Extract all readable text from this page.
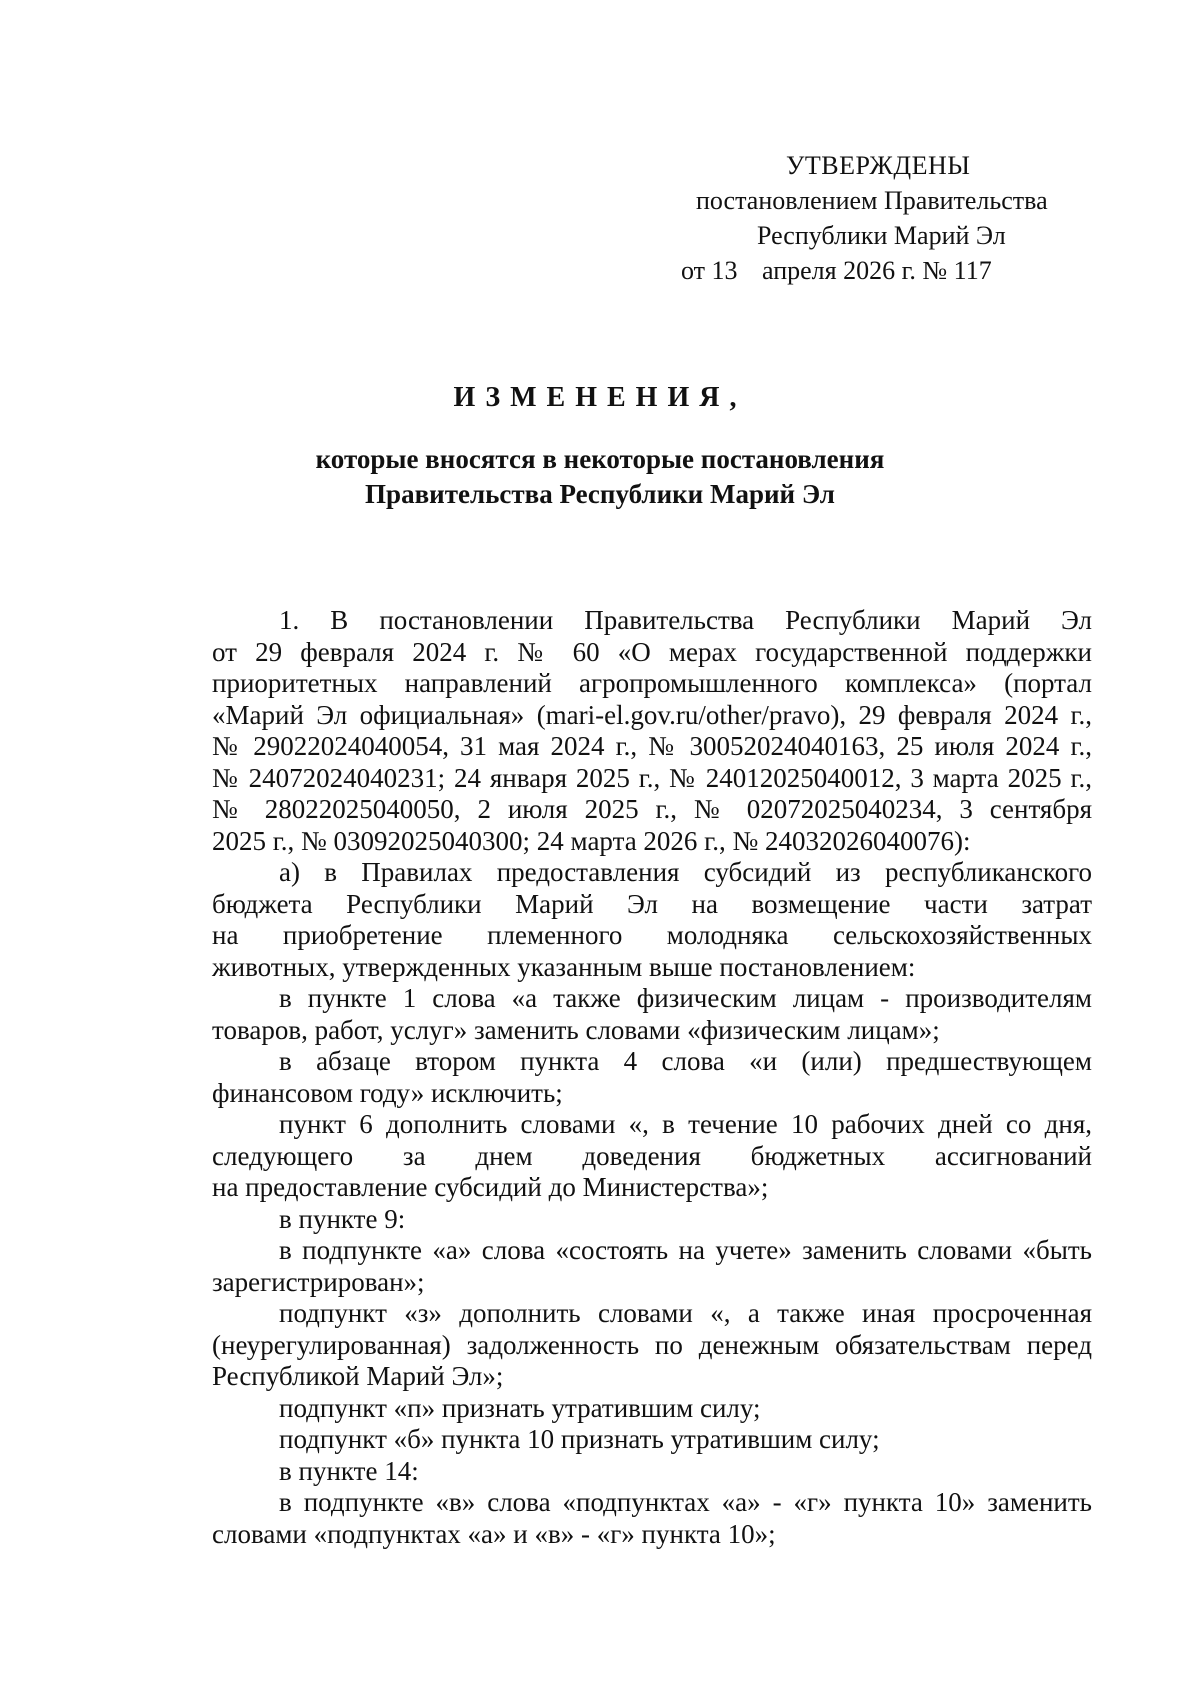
УТВЕРЖДЕНЫ
постановлением Правительства
Республики Марий Эл
от 13 апреля 2026 г. № 117
ИЗМЕНЕНИЯ,
которые вносятся в некоторые постановления
Правительства Республики Марий Эл
1. В постановлении Правительства Республики Марий Эл
от 29 февраля 2024 г. № 60 «О мерах государственной поддержки
приоритетных направлений агропромышленного комплекса» (портал
«Марий Эл официальная» (mari-el.gov.ru/other/pravo), 29 февраля 2024 г.,
№ 29022024040054, 31 мая 2024 г., № 30052024040163, 25 июля 2024 г.,
№ 24072024040231; 24 января 2025 г., № 24012025040012, 3 марта 2025 г.,
№ 28022025040050, 2 июля 2025 г., № 02072025040234, 3 сентября
2025 г., № 03092025040300; 24 марта 2026 г., № 24032026040076):
а) в Правилах предоставления субсидий из республиканского
бюджета Республики Марий Эл на возмещение части затрат
на приобретение племенного молодняка сельскохозяйственных
животных, утвержденных указанным выше постановлением:
в пункте 1 слова «а также физическим лицам - производителям
товаров, работ, услуг» заменить словами «физическим лицам»;
в абзаце втором пункта 4 слова «и (или) предшествующем
финансовом году» исключить;
пункт 6 дополнить словами «, в течение 10 рабочих дней со дня,
следующего за днем доведения бюджетных ассигнований
на предоставление субсидий до Министерства»;
в пункте 9:
в подпункте «а» слова «состоять на учете» заменить словами «быть
зарегистрирован»;
подпункт «з» дополнить словами «, а также иная просроченная
(неурегулированная) задолженность по денежным обязательствам перед
Республикой Марий Эл»;
подпункт «п» признать утратившим силу;
подпункт «б» пункта 10 признать утратившим силу;
в пункте 14:
в подпункте «в» слова «подпунктах «а» - «г» пункта 10» заменить
словами «подпунктах «а» и «в» - «г» пункта 10»;
